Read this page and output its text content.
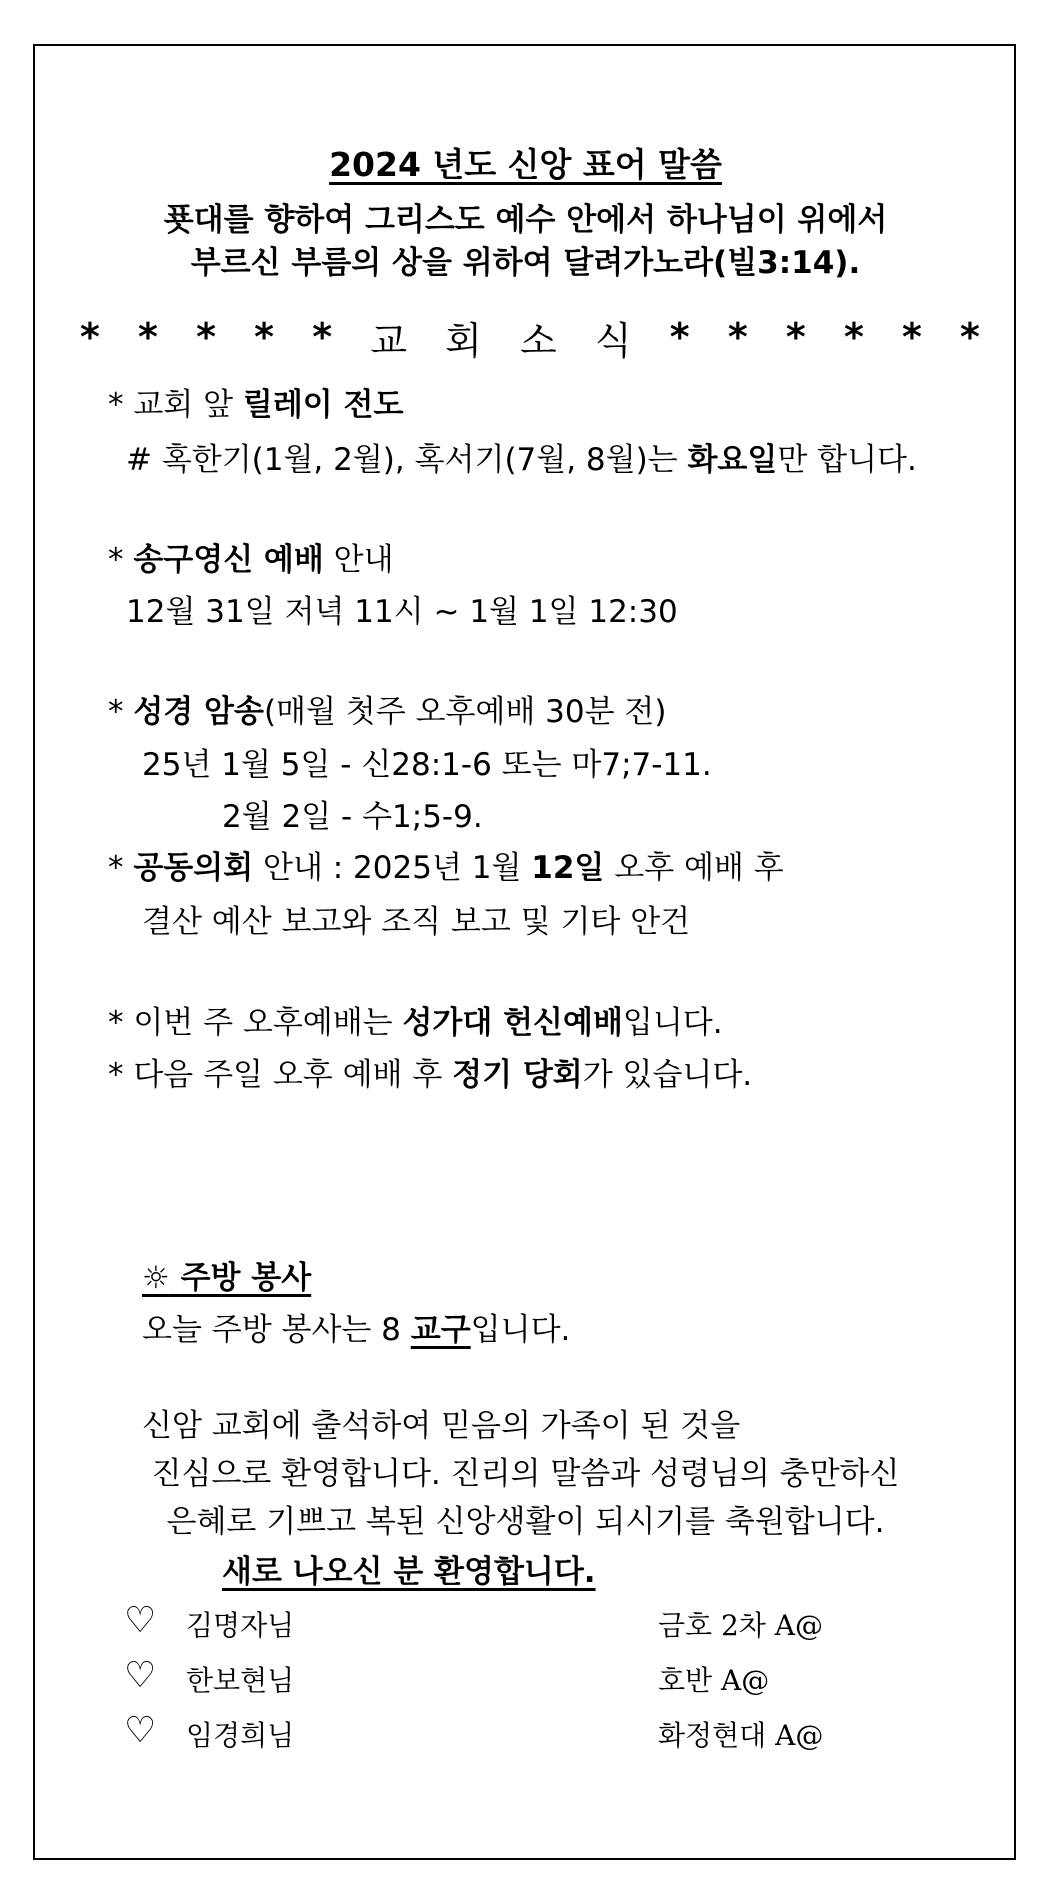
2024 년도 신앙 표어 말씀
푯대를 향하여 그리스도 예수 안에서 하나님이 위에서
부르신 부름의 상을 위하여 달려가노라(빌3:14).
* * * * * 교 회 소 식 * * * * * *
* 교회 앞 릴레이 전도
# 혹한기(1월, 2월), 혹서기(7월, 8월)는 화요일만 합니다.
* 송구영신 예배 안내
12월 31일 저녁 11시 ~ 1월 1일 12:30
* 성경 암송(매월 첫주 오후예배 30분 전)
25년 1월 5일 - 신28:1-6 또는 마7;7-11.
2월 2일 - 수1;5-9.
* 공동의회 안내 : 2025년 1월 12일 오후 예배 후
결산 예산 보고와 조직 보고 및 기타 안건
* 이번 주 오후예배는 성가대 헌신예배입니다.
* 다음 주일 오후 예배 후 정기 당회가 있습니다.
☼ 주방 봉사
오늘 주방 봉사는 8 교구입니다.
신암 교회에 출석하여 믿음의 가족이 된 것을
진심으로 환영합니다. 진리의 말씀과 성령님의 충만하신
은혜로 기쁘고 복된 신앙생활이 되시기를 축원합니다.
새로 나오신 분 환영합니다.
♡ 김명자님	금호 2차 A@
♡ 한보현님	호반 A@
♡ 임경희님	화정현대 A@
